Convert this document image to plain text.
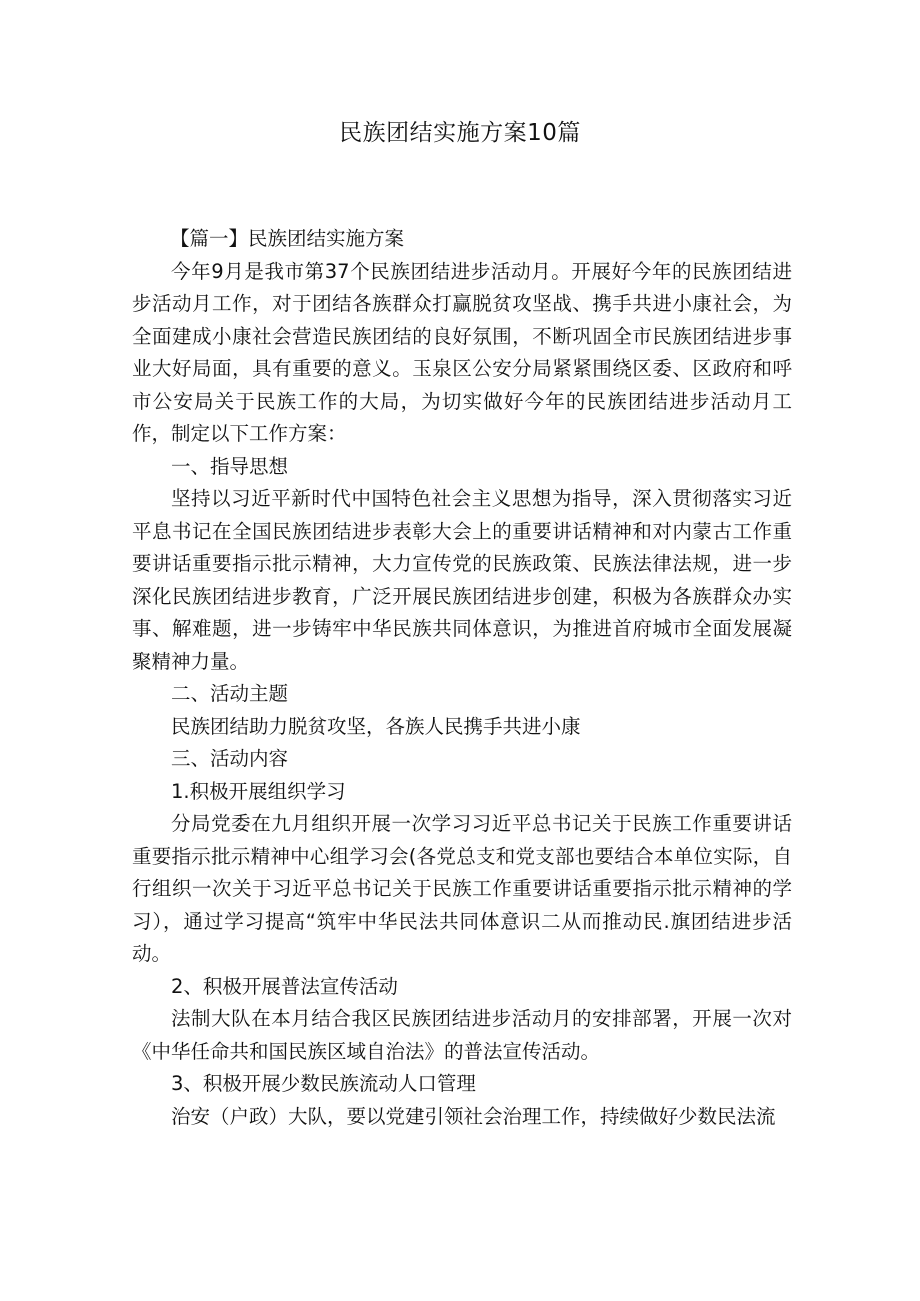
民族团结实施方案10篇

【篇一】民族团结实施方案

今年9月是我市第37个民族团结进步活动月。开展好今年的民族团结进步活动月工作，对于团结各族群众打赢脱贫攻坚战、携手共进小康社会，为全面建成小康社会营造民族团结的良好氛围，不断巩固全市民族团结进步事业大好局面，具有重要的意义。玉泉区公安分局紧紧围绕区委、区政府和呼市公安局关于民族工作的大局，为切实做好今年的民族团结进步活动月工作，制定以下工作方案：

一、指导思想

坚持以习近平新时代中国特色社会主义思想为指导，深入贯彻落实习近平息书记在全国民族团结进步表彰大会上的重要讲话精神和对内蒙古工作重要讲话重要指示批示精神，大力宣传党的民族政策、民族法律法规，进一步深化民族团结进步教育，广泛开展民族团结进步创建，积极为各族群众办实事、解难题，进一步铸牢中华民族共同体意识，为推进首府城市全面发展凝聚精神力量。

二、活动主题

民族团结助力脱贫攻坚，各族人民携手共进小康

三、活动内容

1.积极开展组织学习

分局党委在九月组织开展一次学习习近平总书记关于民族工作重要讲话重要指示批示精神中心组学习会(各党总支和党支部也要结合本单位实际，自行组织一次关于习近平总书记关于民族工作重要讲话重要指示批示精神的学习），通过学习提高“筑牢中华民法共同体意识二从而推动民.旗团结进步活动。

2、积极开展普法宣传活动

法制大队在本月结合我区民族团结进步活动月的安排部署，开展一次对《中华任命共和国民族区域自治法》的普法宣传活动。

3、积极开展少数民族流动人口管理

治安（户政）大队，要以党建引领社会治理工作，持续做好少数民法流
